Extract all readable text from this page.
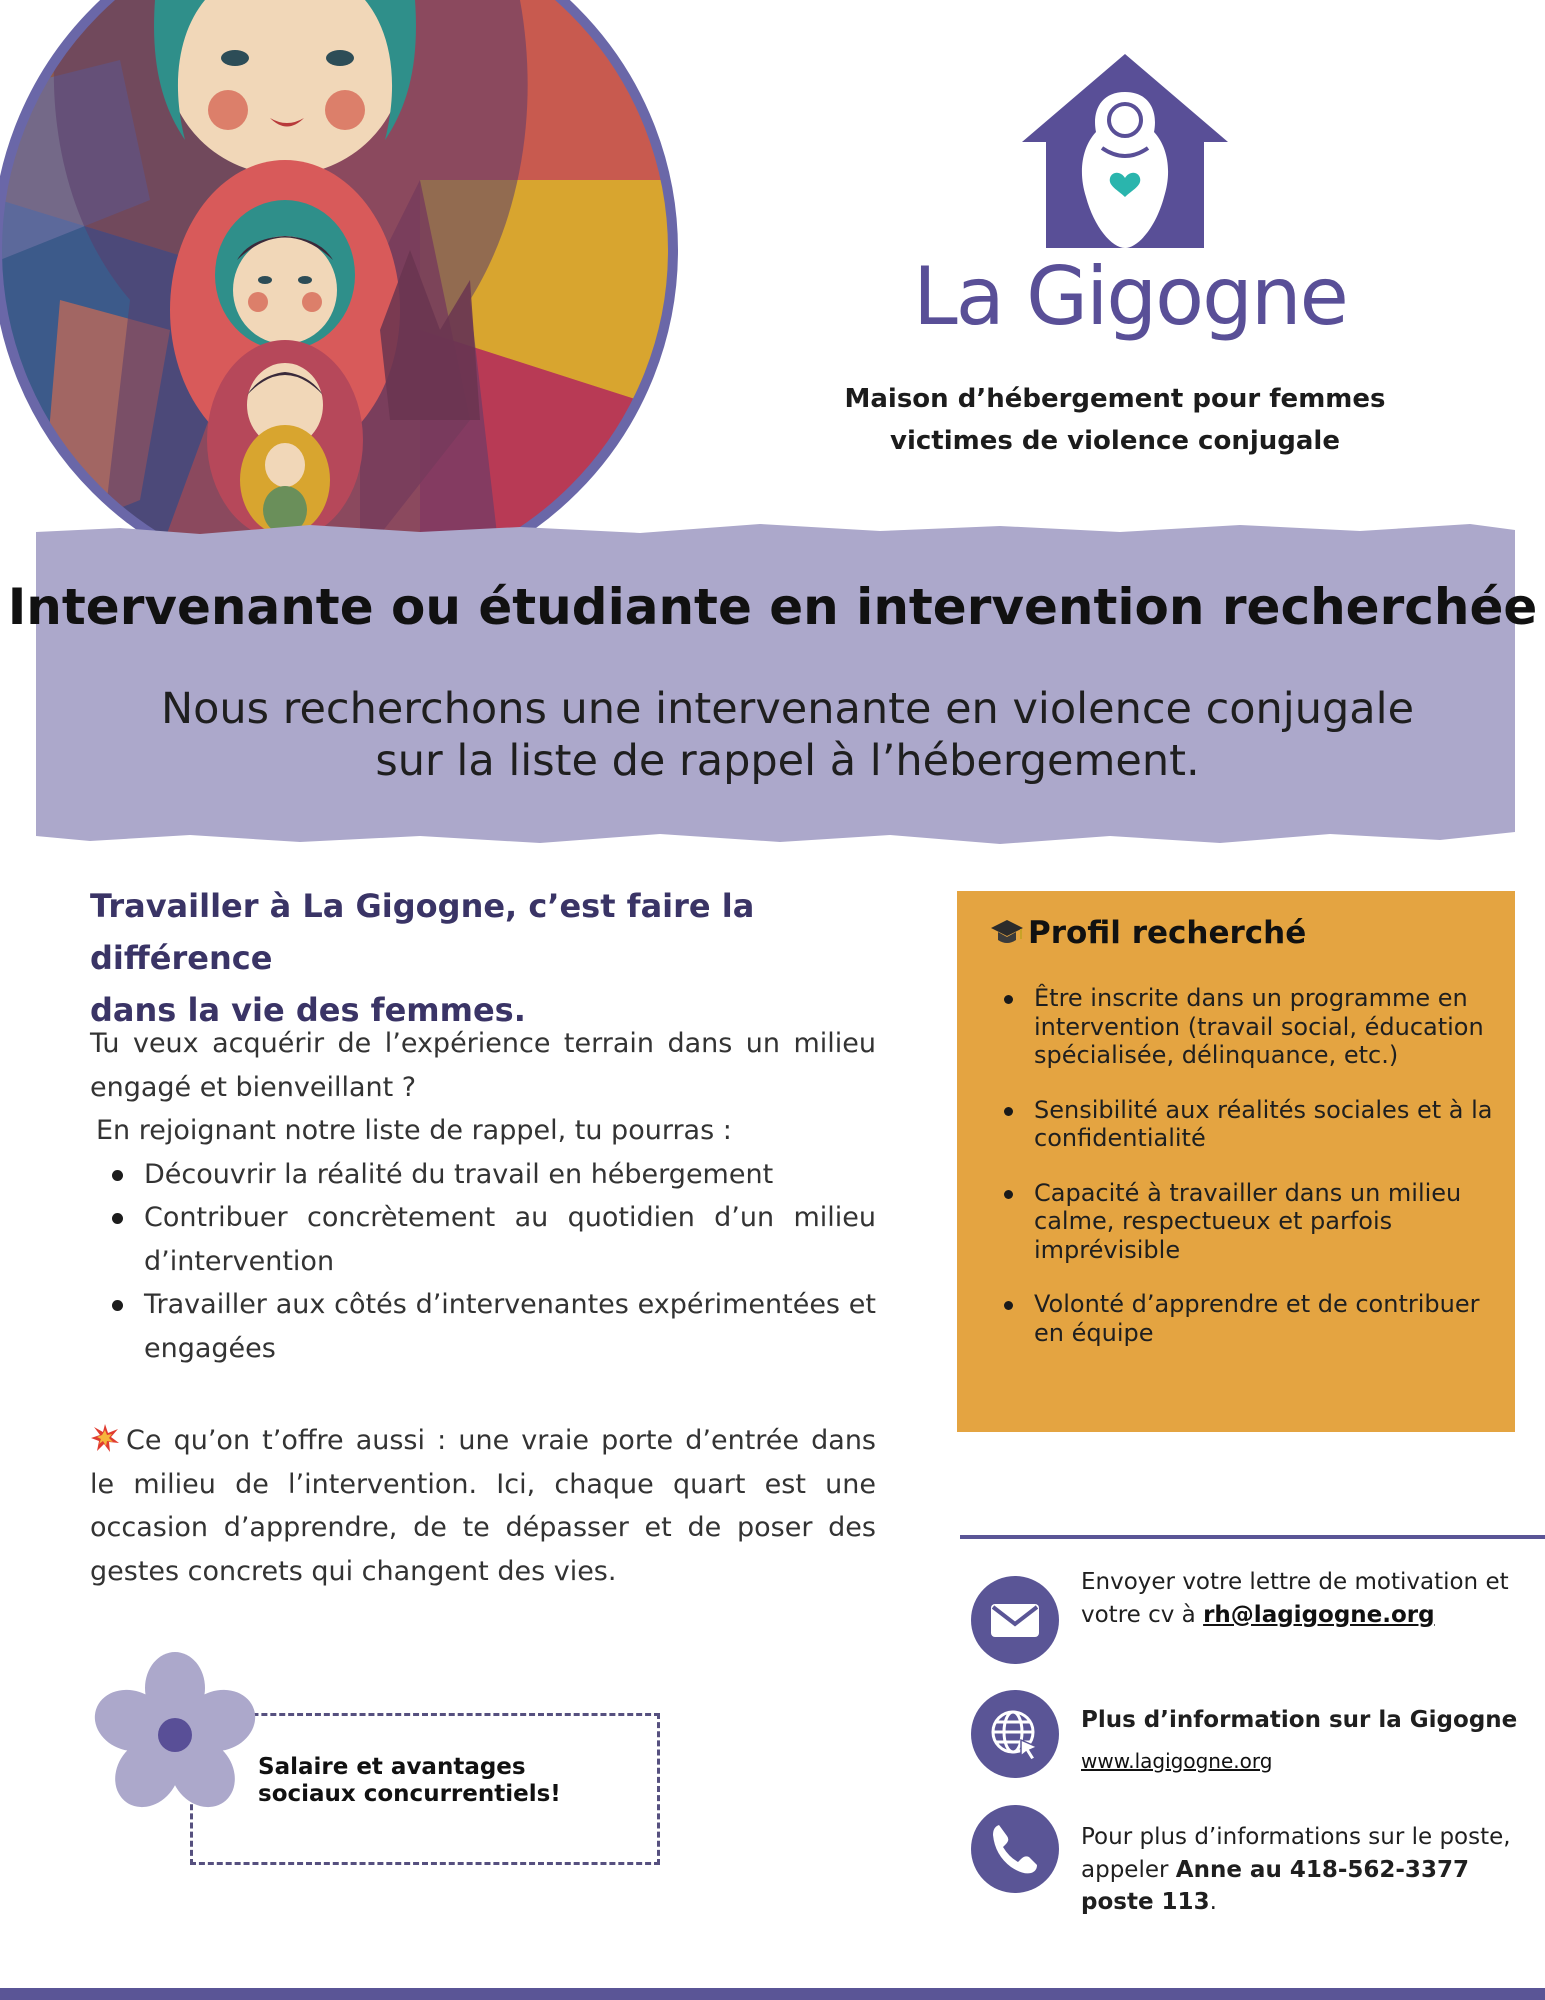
La Gigogne
Maison d’hébergement pour femmes
victimes de violence conjugale
Intervenante ou étudiante en intervention recherchée
Nous recherchons une intervenante en violence conjugale
sur la liste de rappel à l’hébergement.
Travailler à La Gigogne, c’est faire la différence
dans la vie des femmes.

Tu veux acquérir de l’expérience terrain dans un milieu engagé et bienveillant ?

En rejoignant notre liste de rappel, tu pourras :

Découvrir la réalité du travail en hébergement
Contribuer concrètement au quotidien d’un milieu d’intervention
Travailler aux côtés d’intervenantes expérimentées et engagées
Ce qu’on t’offre aussi : une vraie porte d’entrée dans le milieu de l’intervention. Ici, chaque quart est une occasion d’apprendre, de te dépasser et de poser des gestes concrets qui changent des vies.
Salaire et avantages
sociaux concurrentiels!
Profil recherché
Être inscrite dans un programme en intervention (travail social, éducation spécialisée, délinquance, etc.)
Sensibilité aux réalités sociales et à la confidentialité
Capacité à travailler dans un milieu calme, respectueux et parfois imprévisible
Volonté d’apprendre et de contribuer en équipe
Envoyer votre lettre de motivation et votre cv à rh@lagigogne.org
Plus d’information sur la Gigogne
www.lagigogne.org
Pour plus d’informations sur le poste, appeler Anne au 418-562-3377 poste 113.
